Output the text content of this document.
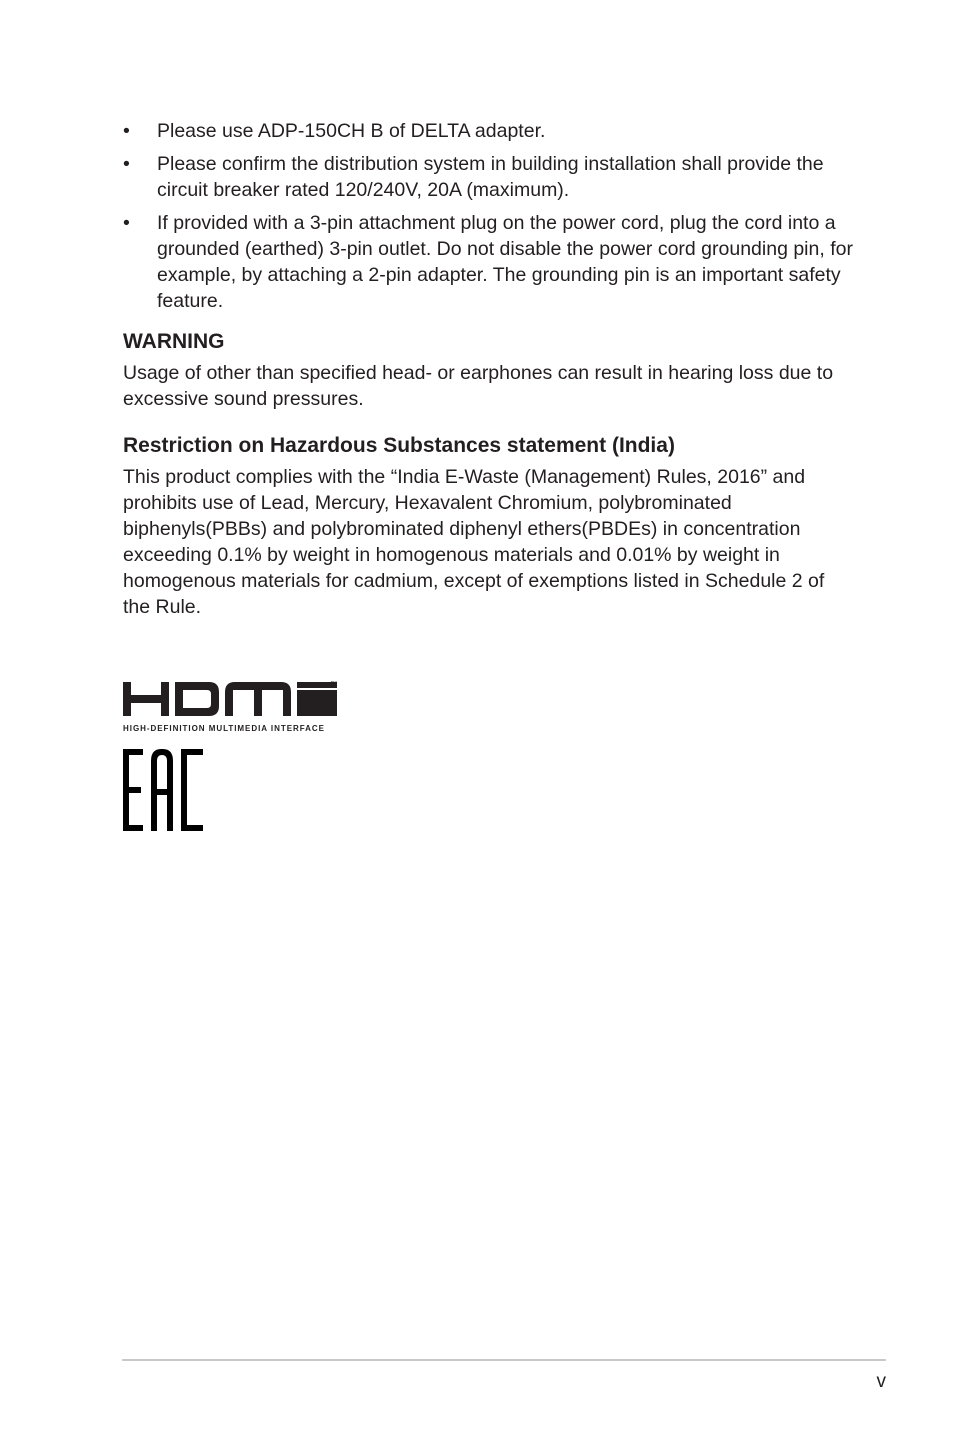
• Please use ADP-150CH B of DELTA adapter.
• Please confirm the distribution system in building installation shall provide the circuit breaker rated 120/240V, 20A (maximum).
• If provided with a 3-pin attachment plug on the power cord, plug the cord into a grounded (earthed) 3-pin outlet. Do not disable the power cord grounding pin, for example, by attaching a 2-pin adapter. The grounding pin is an important safety feature.
WARNING

Usage of other than specified head- or earphones can result in hearing loss due to excessive sound pressures.

Restriction on Hazardous Substances statement (India)

This product complies with the “India E-Waste (Management) Rules, 2016” and prohibits use of Lead, Mercury, Hexavalent Chromium, polybrominated biphenyls(PBBs) and polybrominated diphenyl ethers(PBDEs) in concentration exceeding 0.1% by weight in homogenous materials and 0.01% by weight in homogenous materials for cadmium, except of exemptions listed in Schedule 2 of the Rule.

™
HIGH-DEFINITION MULTIMEDIA INTERFACE
v
